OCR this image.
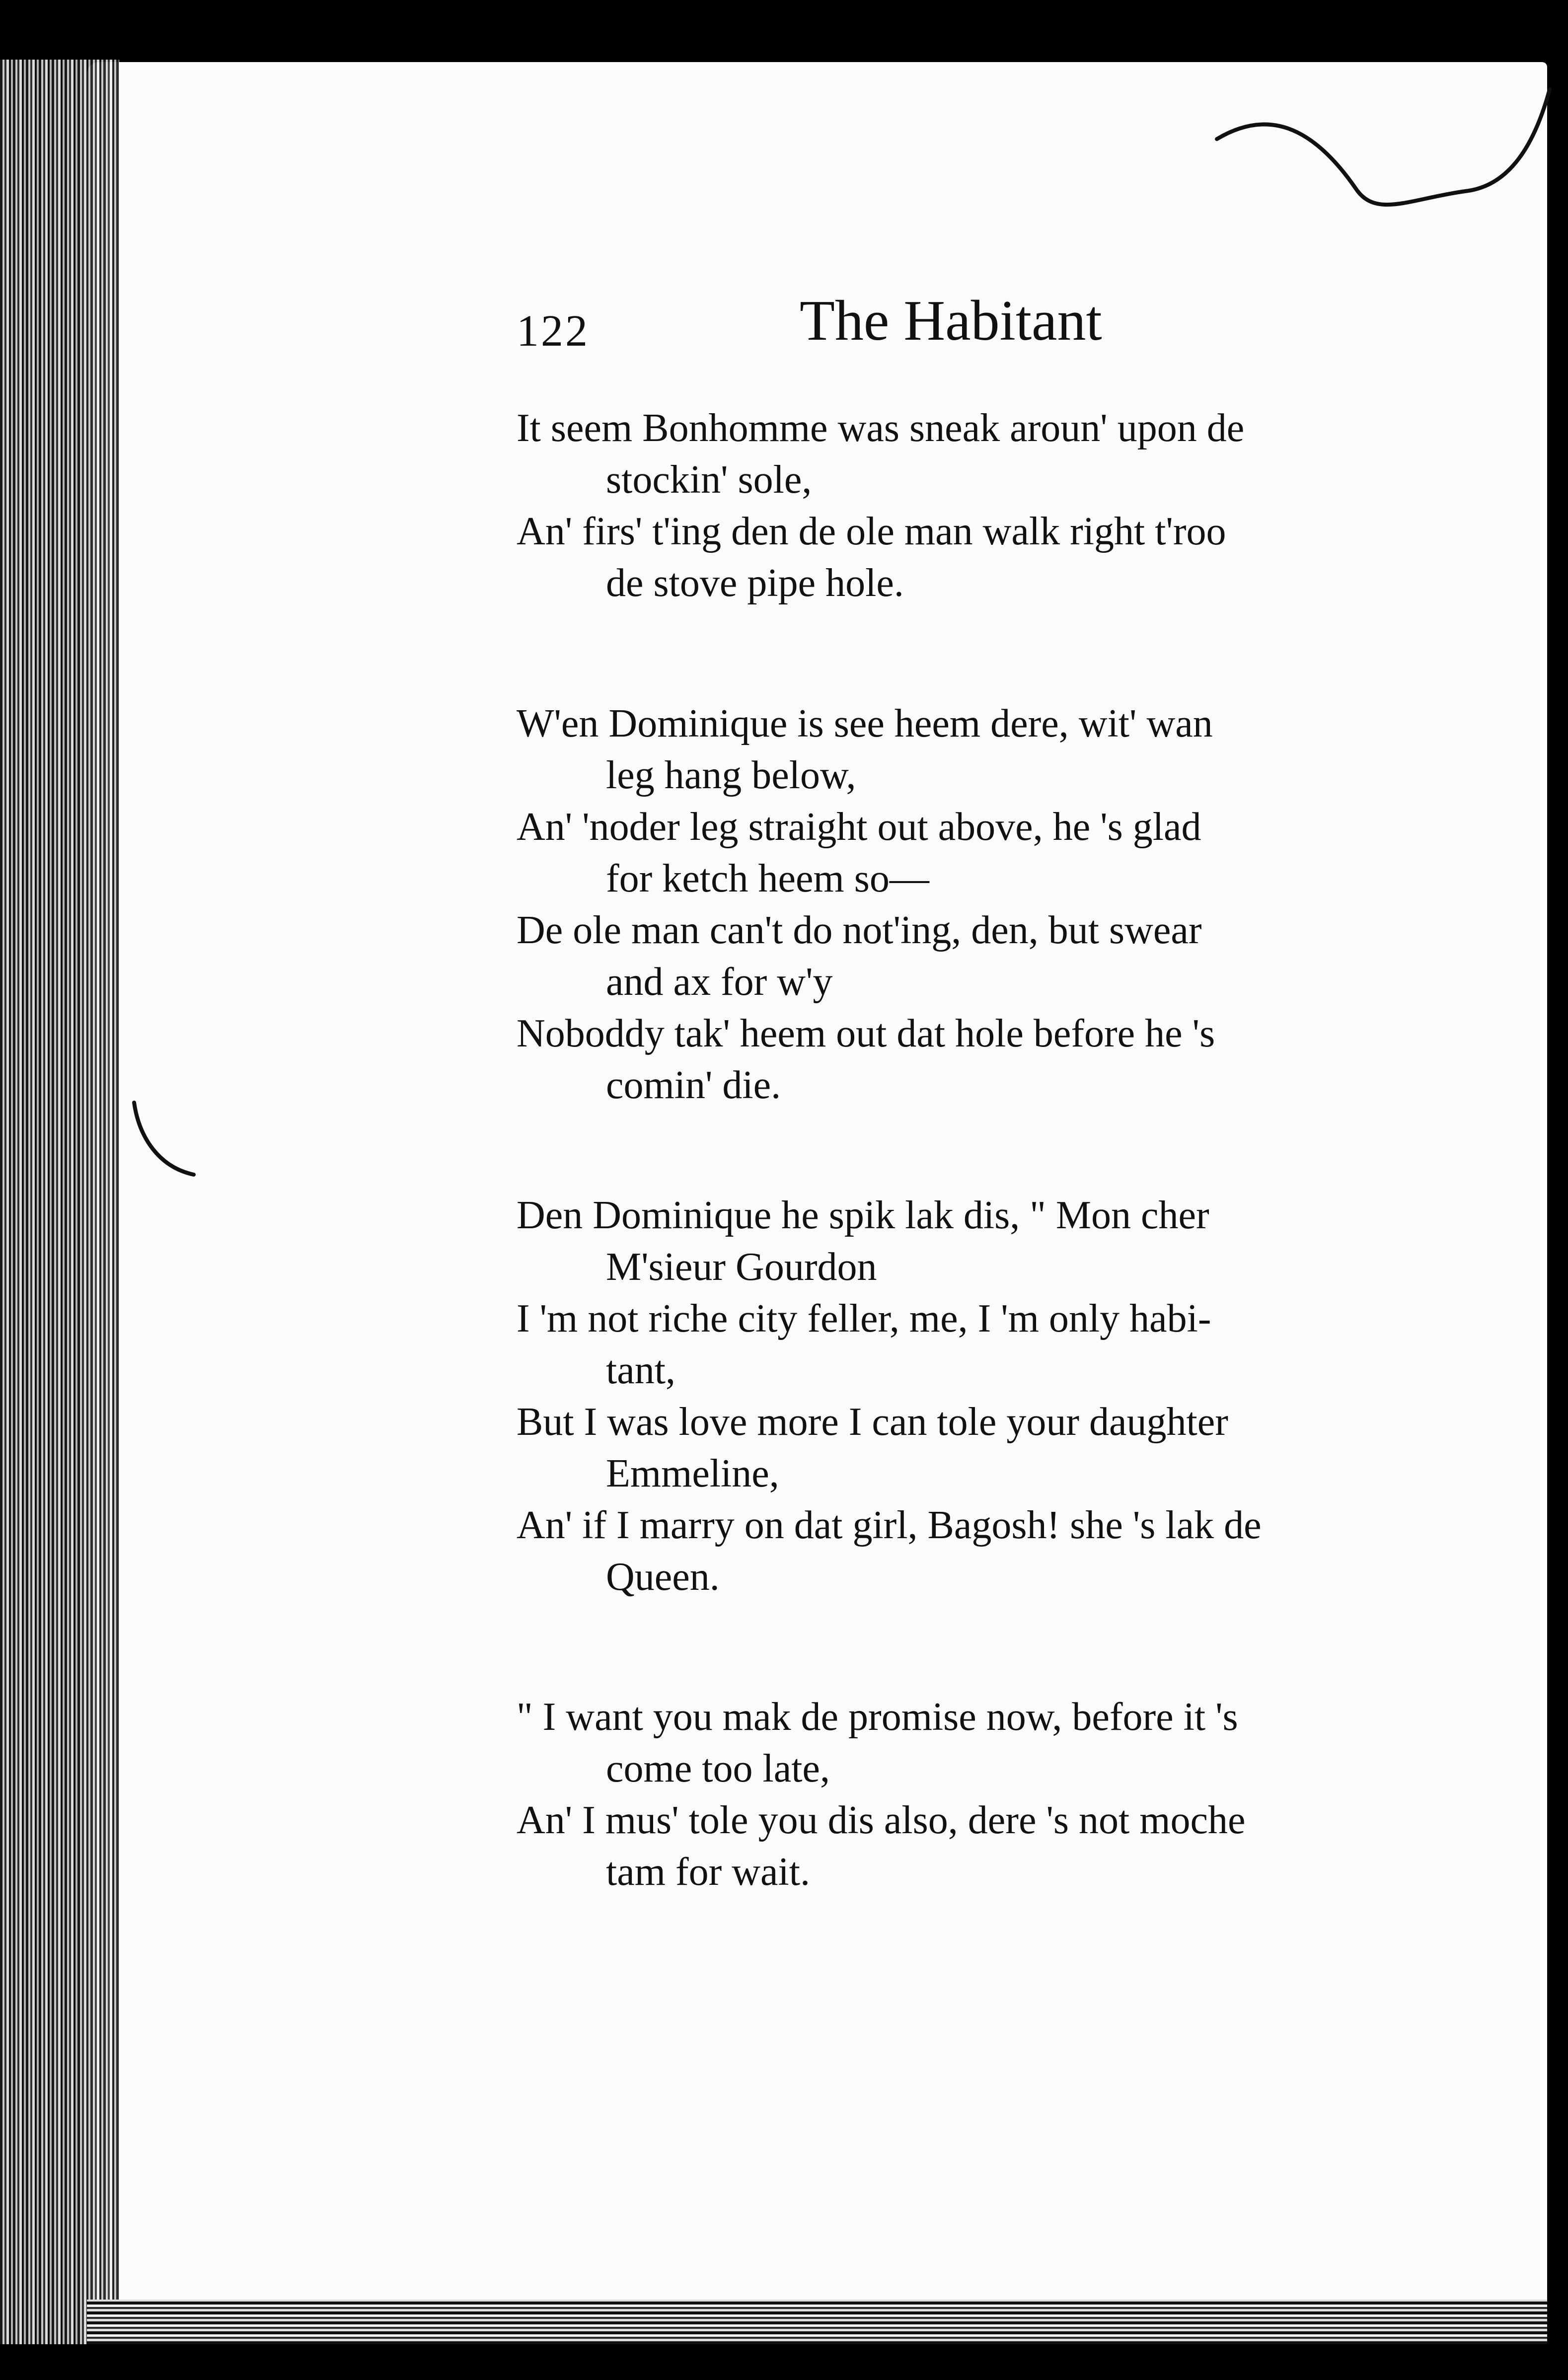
122	The Habitant
It seem Bonhomme was sneak aroun' upon de
stockin' sole,
An' firs' t'ing den de ole man walk right t'roo
de stove pipe hole.
W'en Dominique is see heem dere, wit' wan
leg hang below,
An' 'noder leg straight out above, he 's glad
for ketch heem so—
De ole man can't do not'ing, den, but swear
and ax for w'y
Noboddy tak' heem out dat hole before he 's
comin' die.
Den Dominique he spik lak dis, " Mon cher
M'sieur Gourdon
I 'm not riche city feller, me, I 'm only habi-
tant,
But I was love more I can tole your daughter
Emmeline,
An' if I marry on dat girl, Bagosh! she 's lak de
Queen.
" I want you mak de promise now, before it 's
come too late,
An' I mus' tole you dis also, dere 's not moche
tam for wait.
